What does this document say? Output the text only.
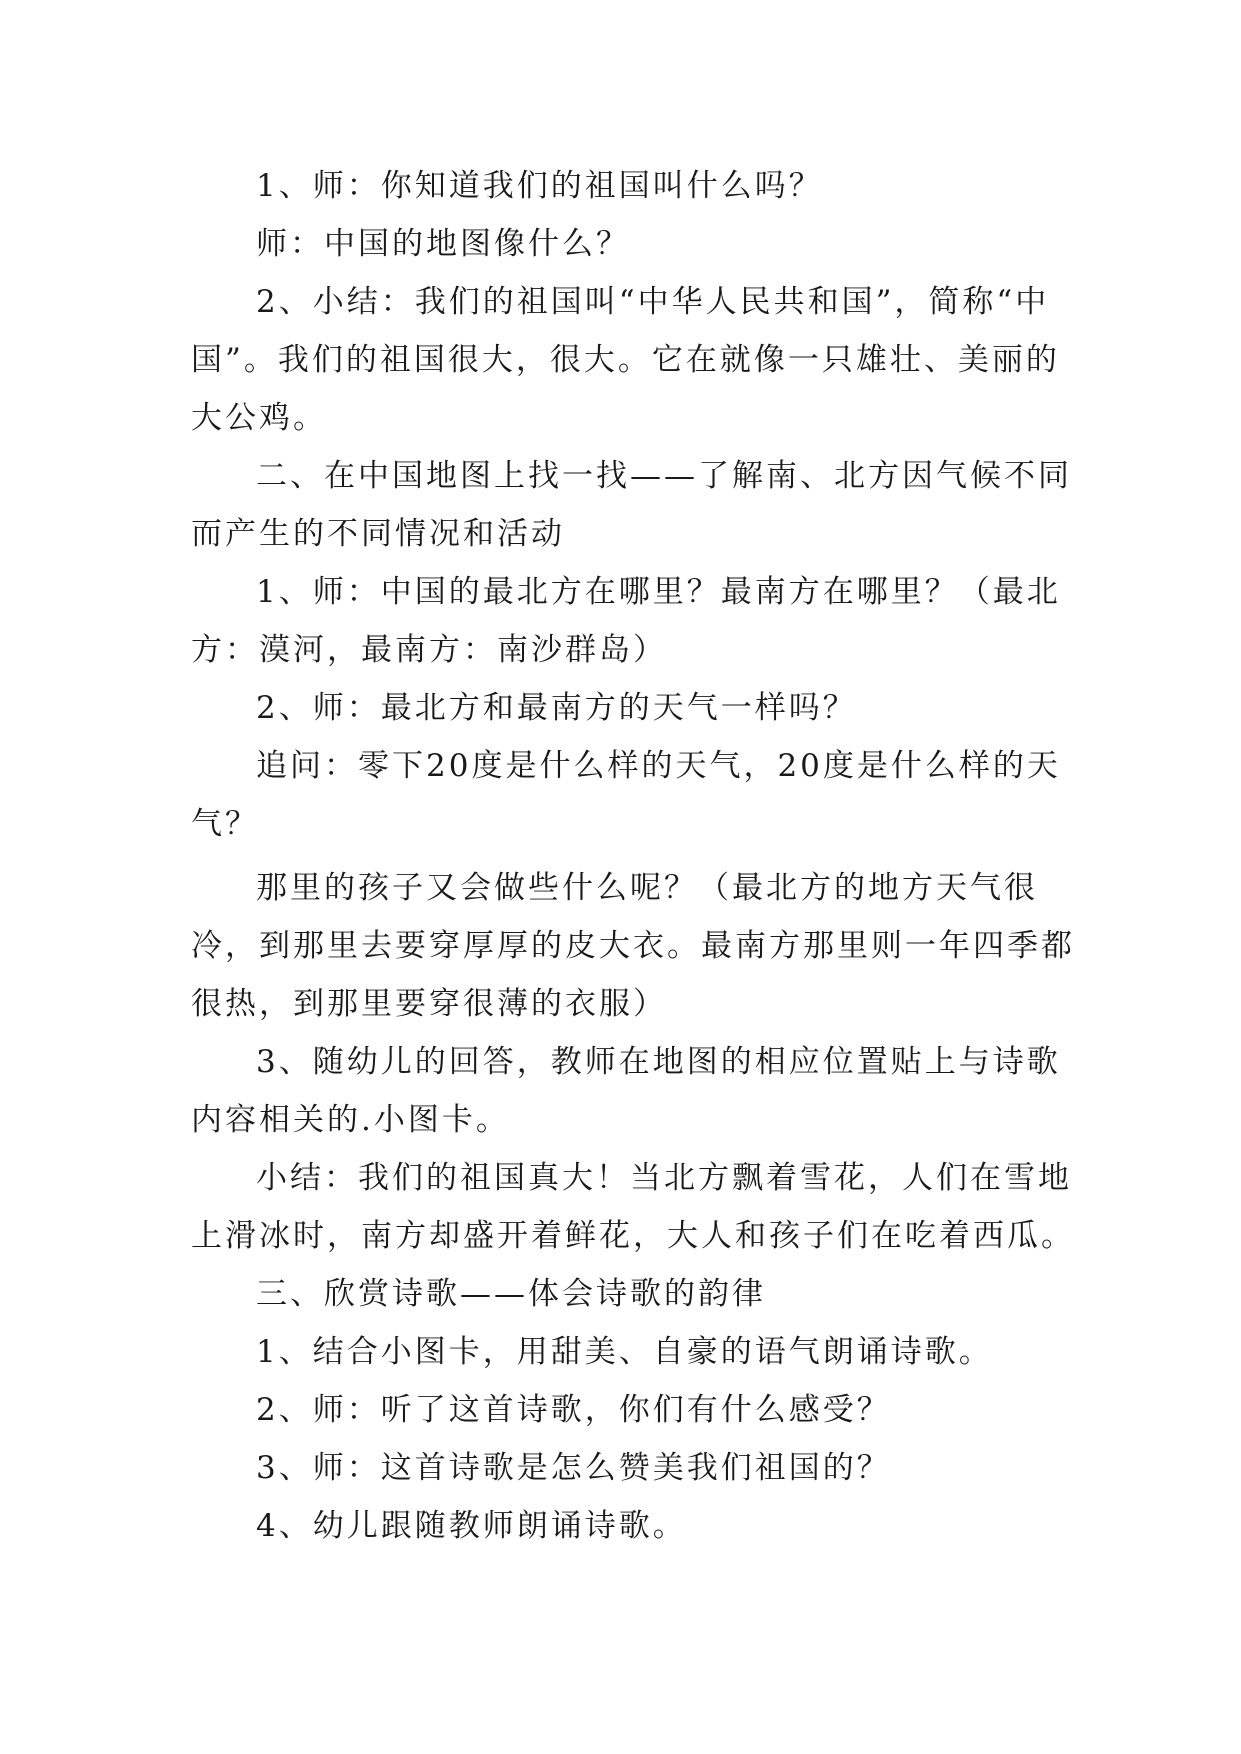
1、师：你知道我们的祖国叫什么吗？
师：中国的地图像什么？
2、小结：我们的祖国叫“中华人民共和国”，简称“中
国”。我们的祖国很大，很大。它在就像一只雄壮、美丽的
大公鸡。
二、在中国地图上找一找——了解南、北方因气候不同
而产生的不同情况和活动
1、师：中国的最北方在哪里？最南方在哪里？（最北
方：漠河，最南方：南沙群岛）
2、师：最北方和最南方的天气一样吗？
追问：零下20度是什么样的天气，20度是什么样的天
气？
那里的孩子又会做些什么呢？（最北方的地方天气很
冷，到那里去要穿厚厚的皮大衣。最南方那里则一年四季都
很热，到那里要穿很薄的衣服）
3、随幼儿的回答，教师在地图的相应位置贴上与诗歌
内容相关的.小图卡。
小结：我们的祖国真大！当北方飘着雪花，人们在雪地
上滑冰时，南方却盛开着鲜花，大人和孩子们在吃着西瓜。
三、欣赏诗歌——体会诗歌的韵律
1、结合小图卡，用甜美、自豪的语气朗诵诗歌。
2、师：听了这首诗歌，你们有什么感受？
3、师：这首诗歌是怎么赞美我们祖国的？
4、幼儿跟随教师朗诵诗歌。
